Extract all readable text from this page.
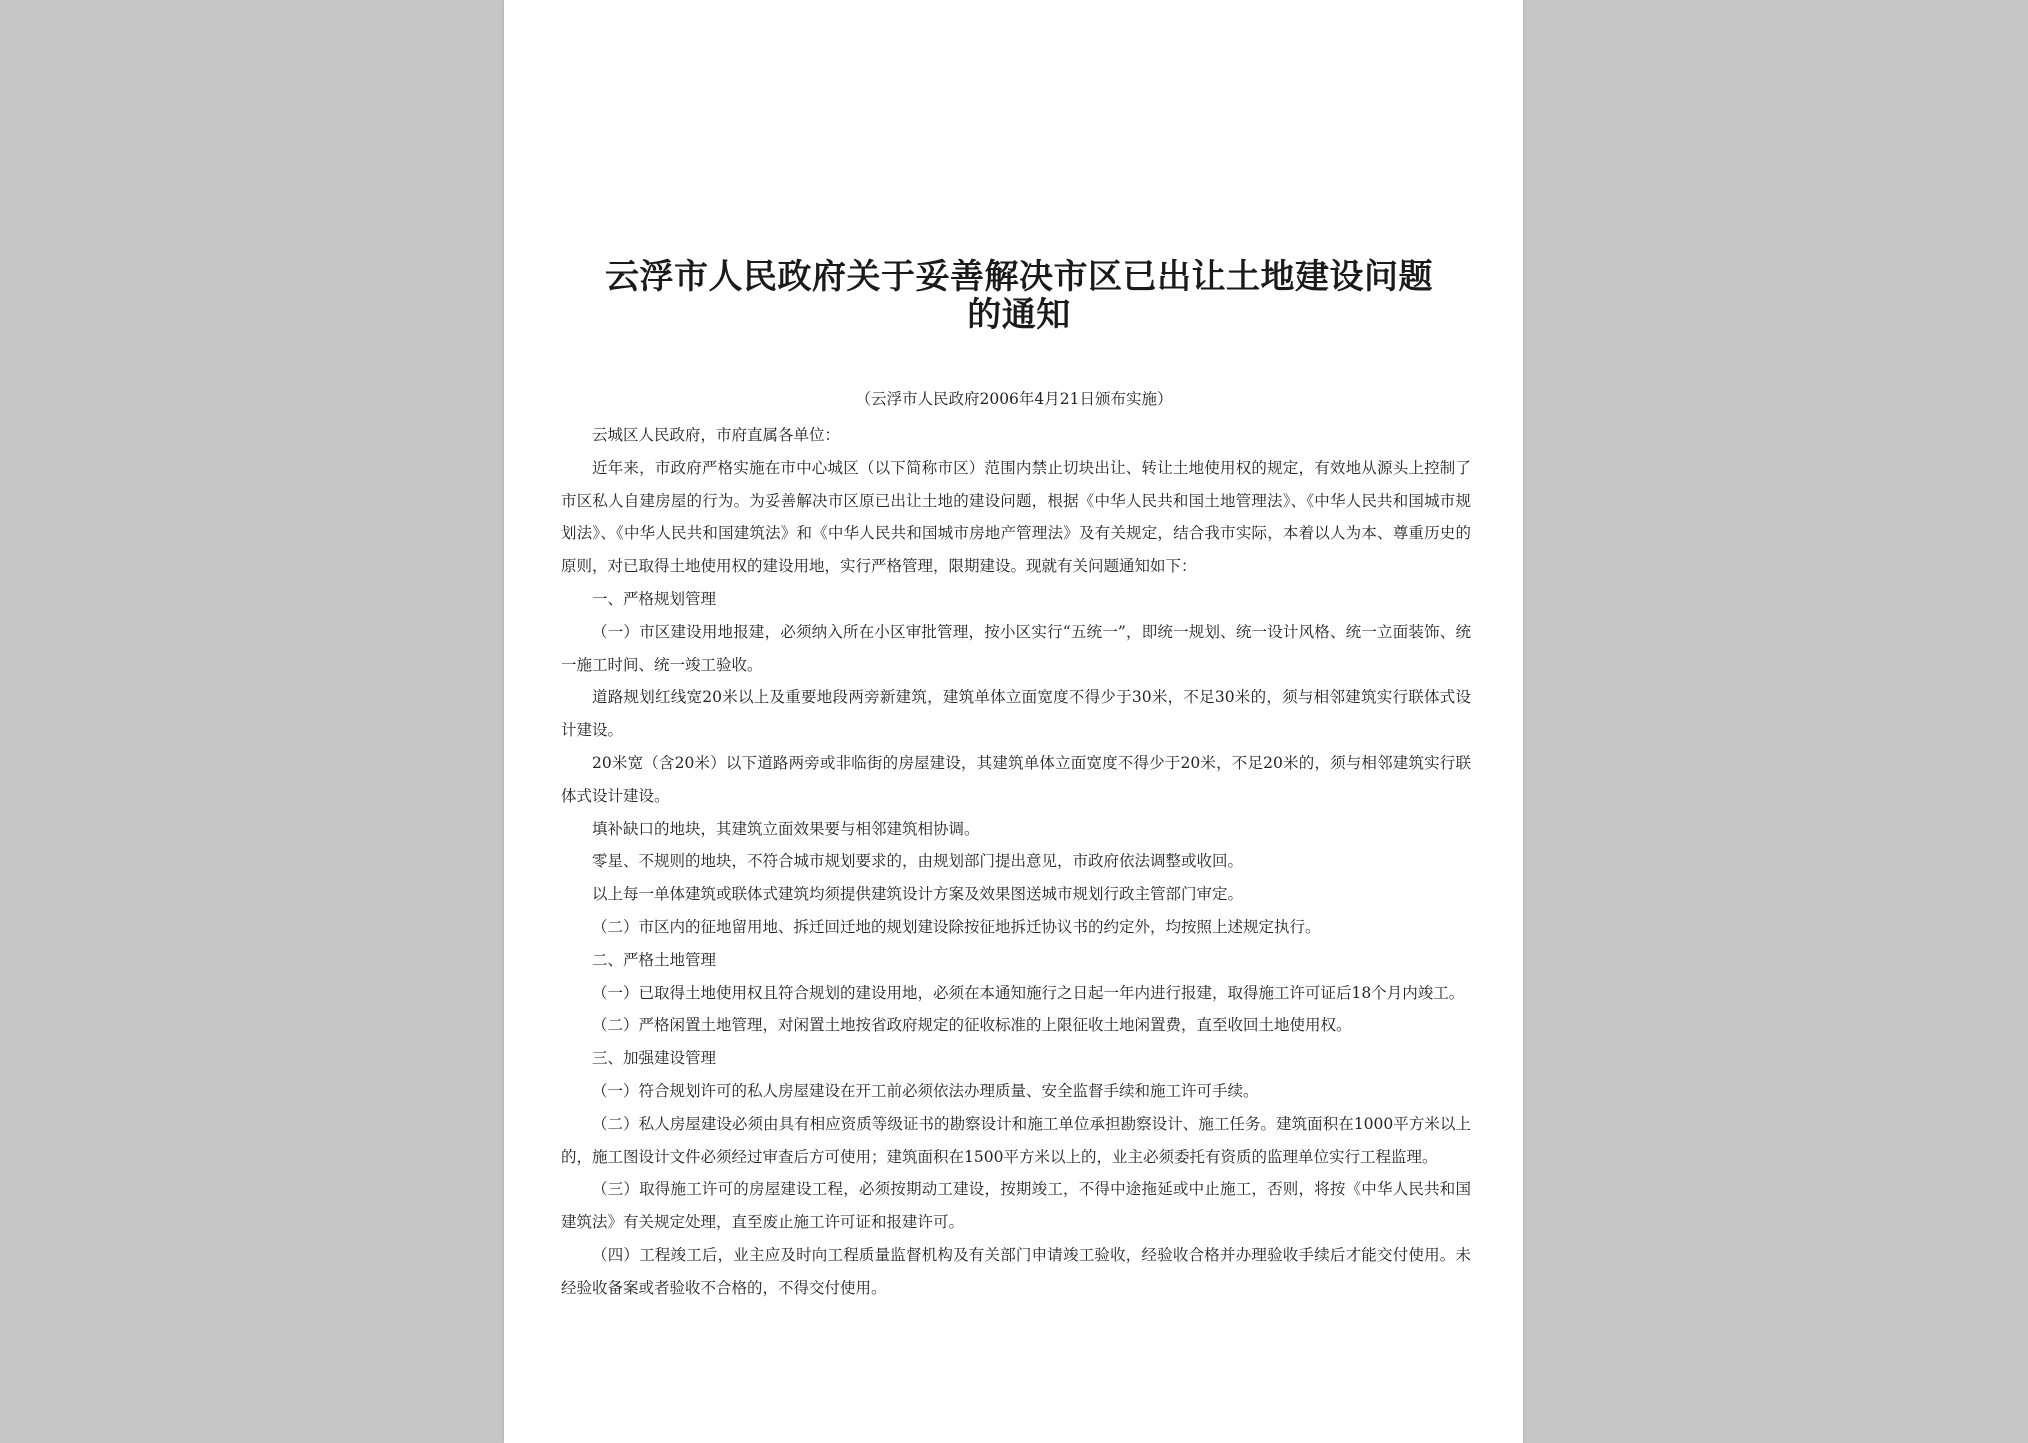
云浮市人民政府关于妥善解决市区已出让土地建设问题的通知
（云浮市人民政府2006年4月21日颁布实施）

云城区人民政府，市府直属各单位：

近年来，市政府严格实施在市中心城区（以下简称市区）范围内禁止切块出让、转让土地使用权的规定，有效地从源头上控制了市区私人自建房屋的行为。为妥善解决市区原已出让土地的建设问题，根据《中华人民共和国土地管理法》、《中华人民共和国城市规划法》、《中华人民共和国建筑法》和《中华人民共和国城市房地产管理法》及有关规定，结合我市实际，本着以人为本、尊重历史的原则，对已取得土地使用权的建设用地，实行严格管理，限期建设。现就有关问题通知如下：

一、严格规划管理

（一）市区建设用地报建，必须纳入所在小区审批管理，按小区实行“五统一”，即统一规划、统一设计风格、统一立面装饰、统一施工时间、统一竣工验收。

道路规划红线宽20米以上及重要地段两旁新建筑，建筑单体立面宽度不得少于30米，不足30米的，须与相邻建筑实行联体式设计建设。

20米宽（含20米）以下道路两旁或非临街的房屋建设，其建筑单体立面宽度不得少于20米，不足20米的，须与相邻建筑实行联体式设计建设。

填补缺口的地块，其建筑立面效果要与相邻建筑相协调。

零星、不规则的地块，不符合城市规划要求的，由规划部门提出意见，市政府依法调整或收回。

以上每一单体建筑或联体式建筑均须提供建筑设计方案及效果图送城市规划行政主管部门审定。

（二）市区内的征地留用地、拆迁回迁地的规划建设除按征地拆迁协议书的约定外，均按照上述规定执行。

二、严格土地管理

（一）已取得土地使用权且符合规划的建设用地，必须在本通知施行之日起一年内进行报建，取得施工许可证后18个月内竣工。

（二）严格闲置土地管理，对闲置土地按省政府规定的征收标准的上限征收土地闲置费，直至收回土地使用权。

三、加强建设管理

（一）符合规划许可的私人房屋建设在开工前必须依法办理质量、安全监督手续和施工许可手续。

（二）私人房屋建设必须由具有相应资质等级证书的勘察设计和施工单位承担勘察设计、施工任务。建筑面积在1000平方米以上的，施工图设计文件必须经过审查后方可使用；建筑面积在1500平方米以上的，业主必须委托有资质的监理单位实行工程监理。

（三）取得施工许可的房屋建设工程，必须按期动工建设，按期竣工，不得中途拖延或中止施工，否则，将按《中华人民共和国建筑法》有关规定处理，直至废止施工许可证和报建许可。

（四）工程竣工后，业主应及时向工程质量监督机构及有关部门申请竣工验收，经验收合格并办理验收手续后才能交付使用。未经验收备案或者验收不合格的，不得交付使用。
